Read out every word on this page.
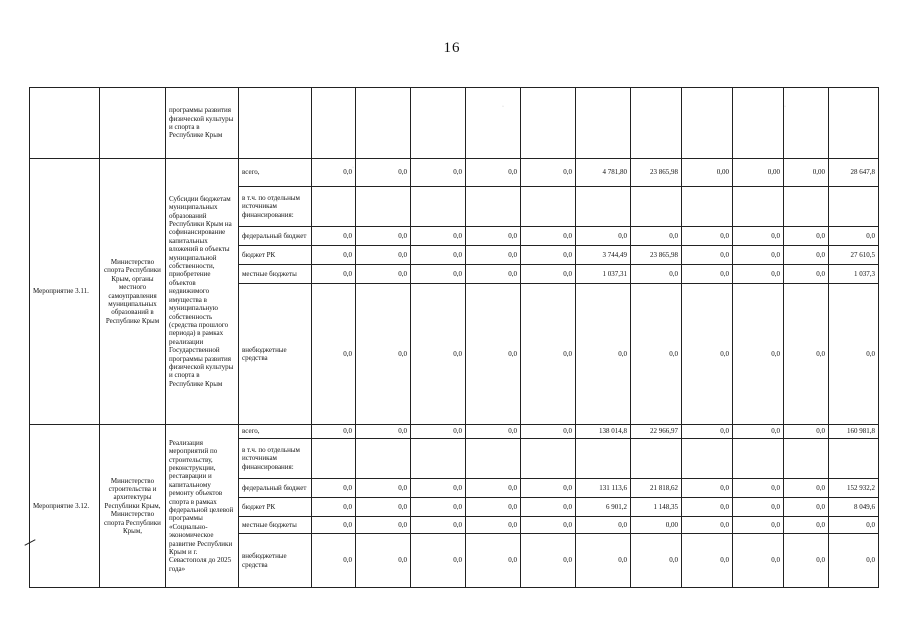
16
		программы развития физической культуры и спорта в Республике Крым												
Мероприятие 3.11.	Министерство спорта Республики Крым, органы местного самоуправления муниципальных образований в Республике Крым	Субсидии бюджетам муниципальных образований Республики Крым на софинансирование капитальных вложений в объекты муниципальной собственности, приобретение объектов недвижимого имущества в муниципальную собственность (средства прошлого периода) в рамках реализации Государственной программы развития физической культуры и спорта в Республике Крым	всего,	0,0	0,0	0,0	0,0	0,0	4 781,80	23 865,98	0,00	0,00	0,00	28 647,8
			в т.ч. по отдельным источникам финансирования:											
			федеральный бюджет	0,0	0,0	0,0	0,0	0,0	0,0	0,0	0,0	0,0	0,0	0,0
			бюджет РК	0,0	0,0	0,0	0,0	0,0	3 744,49	23 865,98	0,0	0,0	0,0	27 610,5
			местные бюджеты	0,0	0,0	0,0	0,0	0,0	1 037,31	0,0	0,0	0,0	0,0	1 037,3
			внебюджетные средства	0,0	0,0	0,0	0,0	0,0	0,0	0,0	0,0	0,0	0,0	0,0
Мероприятие 3.12.	Министерство строительства и архитектуры Республики Крым, Министерство спорта Республики Крым,	Реализация мероприятий по строительству, реконструкции, реставрации и капитальному ремонту объектов спорта в рамках федеральной целевой программы «Социально-экономическое развитие Республики Крым и г. Севастополя до 2025 года»	всего,	0,0	0,0	0,0	0,0	0,0	138 014,8	22 966,97	0,0	0,0	0,0	160 981,8
			в т.ч. по отдельным источникам финансирования:											
			федеральный бюджет	0,0	0,0	0,0	0,0	0,0	131 113,6	21 818,62	0,0	0,0	0,0	152 932,2
			бюджет РК	0,0	0,0	0,0	0,0	0,0	6 901,2	1 148,35	0,0	0,0	0,0	8 049,6
			местные бюджеты	0,0	0,0	0,0	0,0	0,0	0,0	0,00	0,0	0,0	0,0	0,0
			внебюджетные средства	0,0	0,0	0,0	0,0	0,0	0,0	0,0	0,0	0,0	0,0	0,0
·	·
·
